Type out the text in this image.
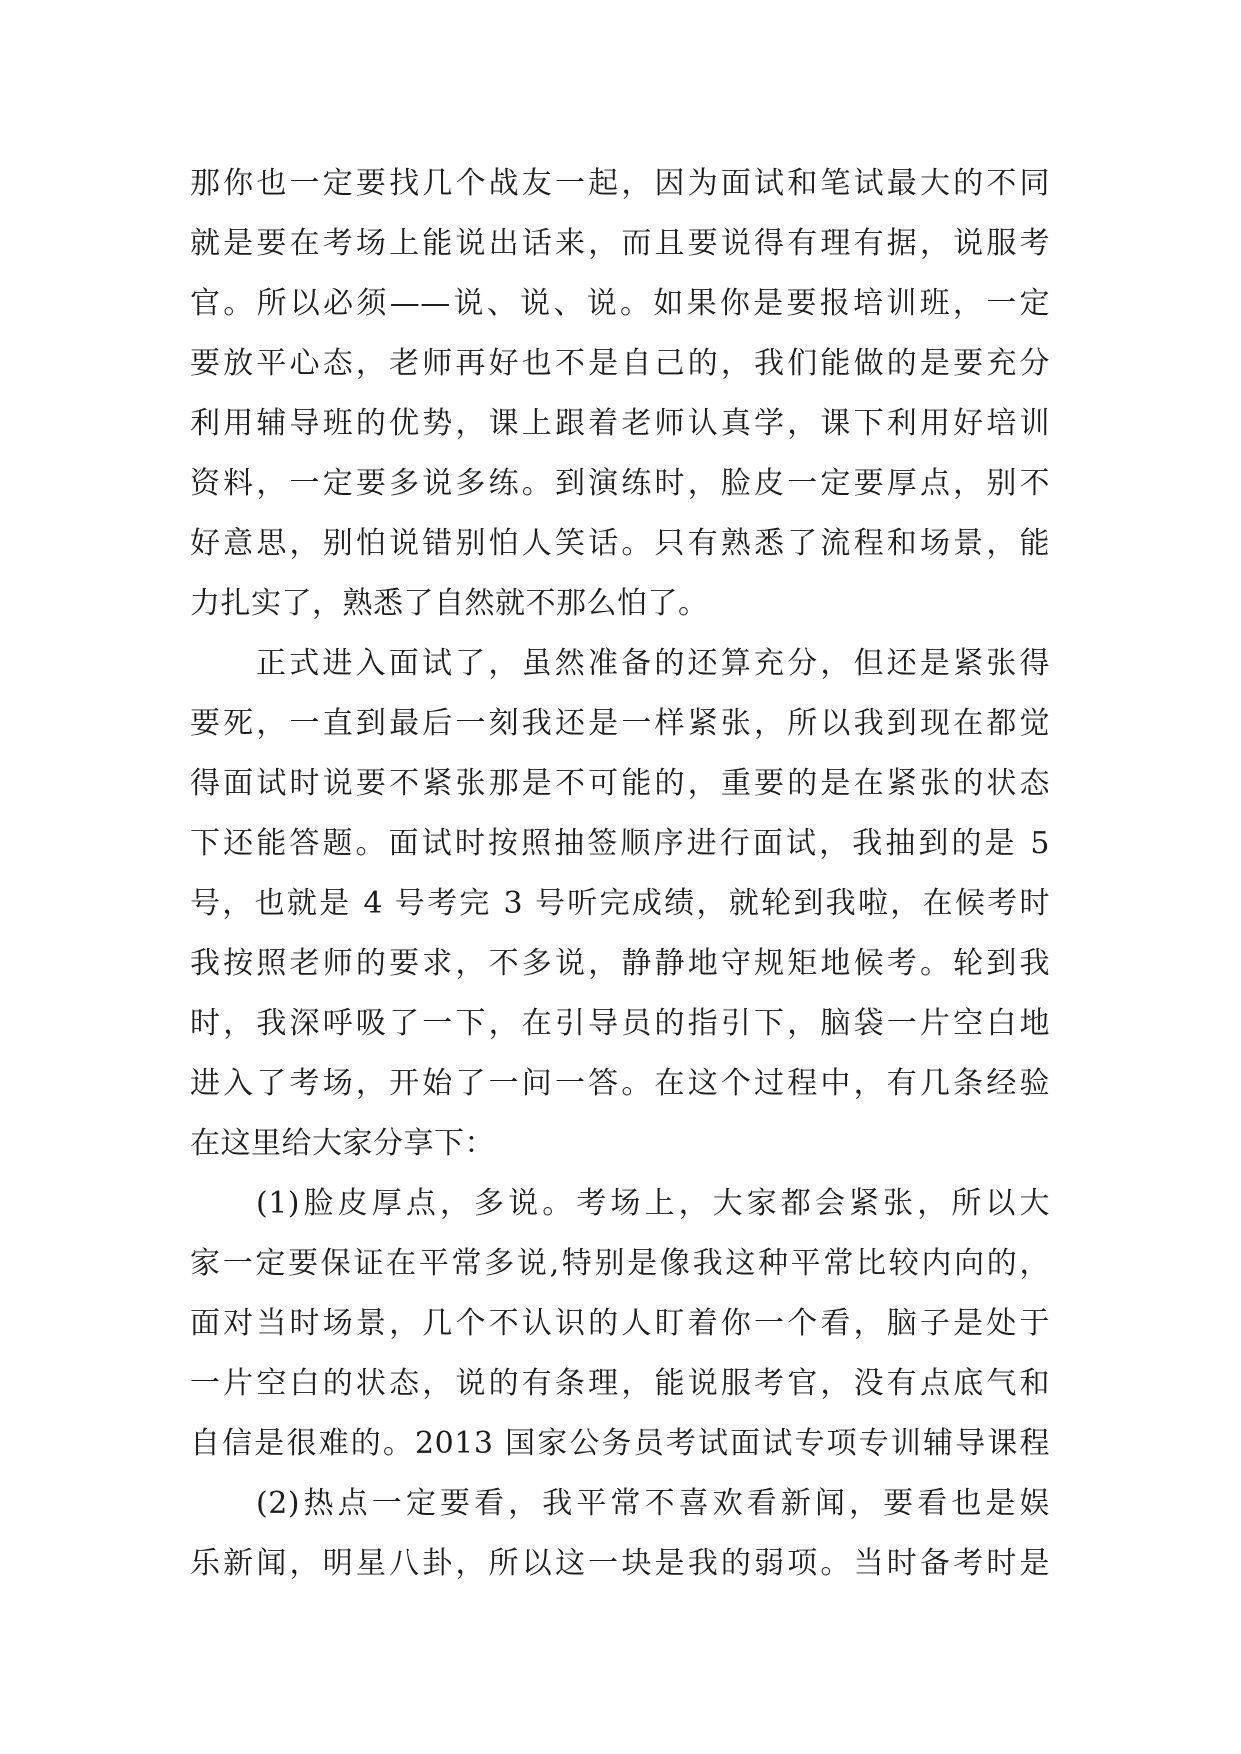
那你也一定要找几个战友一起，因为面试和笔试最大的不同
就是要在考场上能说出话来，而且要说得有理有据，说服考
官。所以必须——说、说、说。如果你是要报培训班，一定
要放平心态，老师再好也不是自己的，我们能做的是要充分
利用辅导班的优势，课上跟着老师认真学，课下利用好培训
资料，一定要多说多练。到演练时，脸皮一定要厚点，别不
好意思，别怕说错别怕人笑话。只有熟悉了流程和场景，能
力扎实了，熟悉了自然就不那么怕了。
正式进入面试了，虽然准备的还算充分，但还是紧张得
要死，一直到最后一刻我还是一样紧张，所以我到现在都觉
得面试时说要不紧张那是不可能的，重要的是在紧张的状态
下还能答题。面试时按照抽签顺序进行面试，我抽到的是 5
号，也就是 4 号考完 3 号听完成绩，就轮到我啦，在候考时
我按照老师的要求，不多说，静静地守规矩地候考。轮到我
时，我深呼吸了一下，在引导员的指引下，脑袋一片空白地
进入了考场，开始了一问一答。在这个过程中，有几条经验
在这里给大家分享下：
(1)脸皮厚点，多说。考场上，大家都会紧张，所以大
家一定要保证在平常多说,特别是像我这种平常比较内向的，
面对当时场景，几个不认识的人盯着你一个看，脑子是处于
一片空白的状态，说的有条理，能说服考官，没有点底气和
自信是很难的。2013 国家公务员考试面试专项专训辅导课程
(2)热点一定要看，我平常不喜欢看新闻，要看也是娱
乐新闻，明星八卦，所以这一块是我的弱项。当时备考时是
